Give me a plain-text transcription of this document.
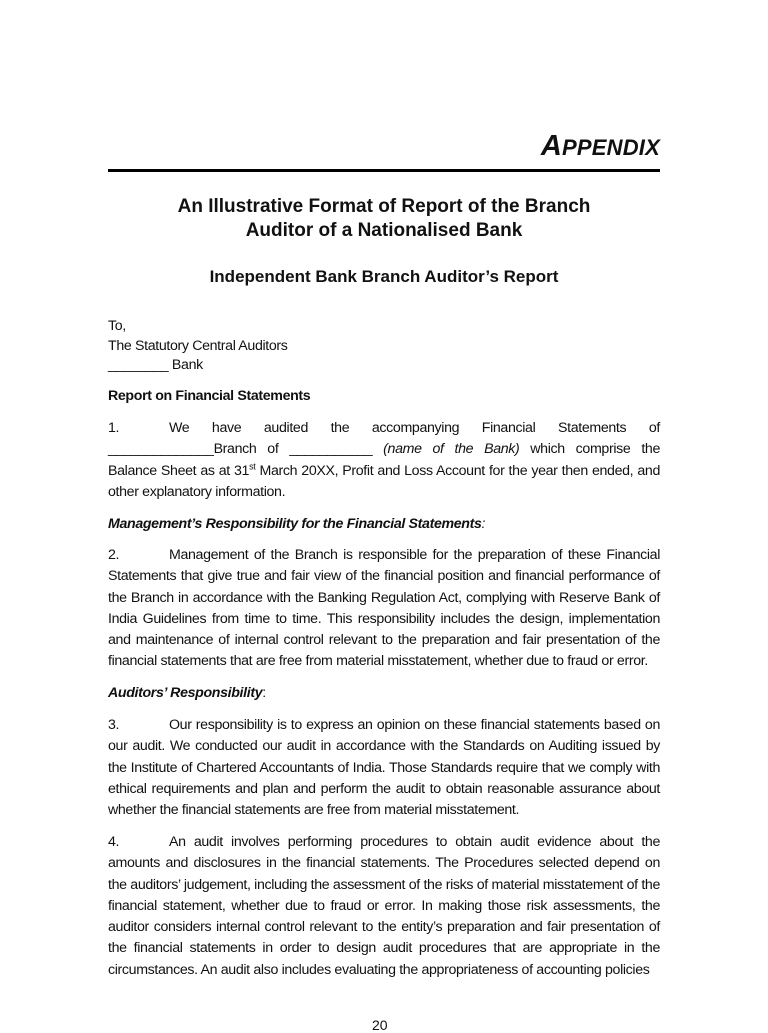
A PPENDIX
An Illustrative Format of Report of the Branch
Auditor of a Nationalised Bank
Independent Bank Branch Auditor’s Report
To,
The Statutory Central Auditors
________ Bank
Report on Financial Statements
1.	We have audited the accompanying Financial Statements of
______________Branch of ___________ (name of the Bank) which comprise the
Balance Sheet as at 31st March 20XX, Profit and Loss Account for the year then ended, and
other explanatory information.
Management’s Responsibility for the Financial Statements:
2.	Management of the Branch is responsible for the preparation of these Financial Statements that give true and fair view of the financial position and financial performance of the Branch in accordance with the Banking Regulation Act, complying with Reserve Bank of India Guidelines from time to time. This responsibility includes the design, implementation and maintenance of internal control relevant to the preparation and fair presentation of the financial statements that are free from material misstatement, whether due to fraud or error.
Auditors’ Responsibility:
3.	Our responsibility is to express an opinion on these financial statements based on our audit. We conducted our audit in accordance with the Standards on Auditing issued by the Institute of Chartered Accountants of India. Those Standards require that we comply with ethical requirements and plan and perform the audit to obtain reasonable assurance about whether the financial statements are free from material misstatement.
4.	An audit involves performing procedures to obtain audit evidence about the amounts and disclosures in the financial statements. The Procedures selected depend on the auditors’ judgement, including the assessment of the risks of material misstatement of the financial statement, whether due to fraud or error. In making those risk assessments, the auditor considers internal control relevant to the entity’s preparation and fair presentation of the financial statements in order to design audit procedures that are appropriate in the circumstances. An audit also includes evaluating the appropriateness of accounting policies
20
